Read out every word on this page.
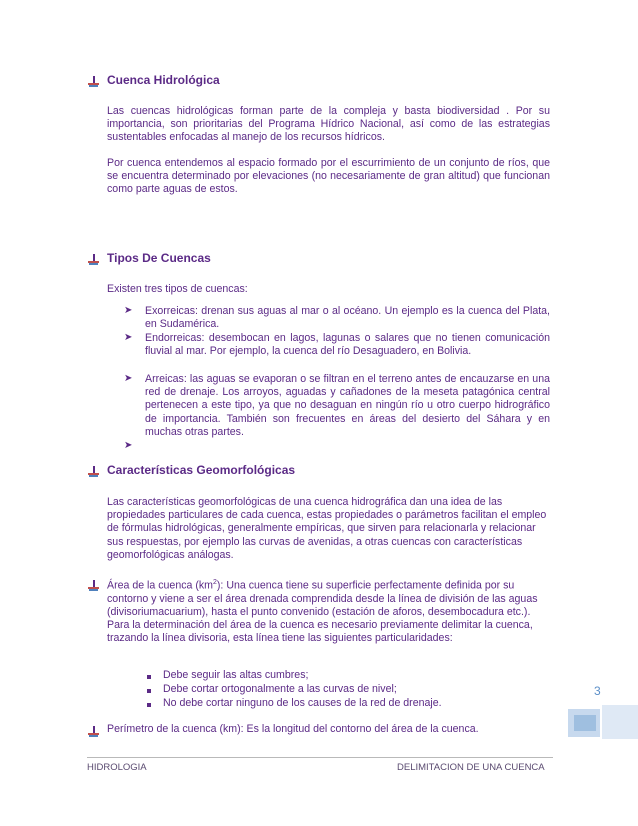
Cuenca Hidrológica
Las cuencas hidrológicas forman parte de la compleja y basta biodiversidad . Por su importancia, son prioritarias del Programa Hídrico Nacional, así como de las estrategias sustentables enfocadas al manejo de los recursos hídricos.
Por cuenca entendemos al espacio formado por el escurrimiento de un conjunto de ríos, que se encuentra determinado por elevaciones (no necesariamente de gran altitud) que funcionan como parte aguas de estos.
Tipos De Cuencas
Existen tres tipos de cuencas:
➤ Exorreicas: drenan sus aguas al mar o al océano. Un ejemplo es la cuenca del Plata, en Sudamérica.
➤ Endorreicas: desembocan en lagos, lagunas o salares que no tienen comunicación fluvial al mar. Por ejemplo, la cuenca del río Desaguadero, en Bolivia.
➤ Arreicas: las aguas se evaporan o se filtran en el terreno antes de encauzarse en una red de drenaje. Los arroyos, aguadas y cañadones de la meseta patagónica central pertenecen a este tipo, ya que no desaguan en ningún río u otro cuerpo hidrográfico de importancia. También son frecuentes en áreas del desierto del Sáhara y en muchas otras partes.
➤
Características Geomorfológicas
Las características geomorfológicas de una cuenca hidrográfica dan una idea de las propiedades particulares de cada cuenca, estas propiedades o parámetros facilitan el empleo de fórmulas hidrológicas, generalmente empíricas, que sirven para relacionarla y relacionar sus respuestas, por ejemplo las curvas de avenidas, a otras cuencas con características geomorfológicas análogas.
Área de la cuenca $(km^2)$: Una cuenca tiene su superficie perfectamente definida por su contorno y viene a ser el área drenada comprendida desde la línea de división de las aguas (divisoriumacuarium), hasta el punto convenido (estación de aforos, desembocadura etc.). Para la determinación del área de la cuenca es necesario previamente delimitar la cuenca, trazando la línea divisoria, esta línea tiene las siguientes particularidades:
Debe seguir las altas cumbres;
Debe cortar ortogonalmente a las curvas de nivel;
No debe cortar ninguno de los causes de la red de drenaje.
Perímetro de la cuenca (km): Es la longitud del contorno del área de la cuenca.
3
HIDROLOGIA	DELIMITACION DE UNA CUENCA
